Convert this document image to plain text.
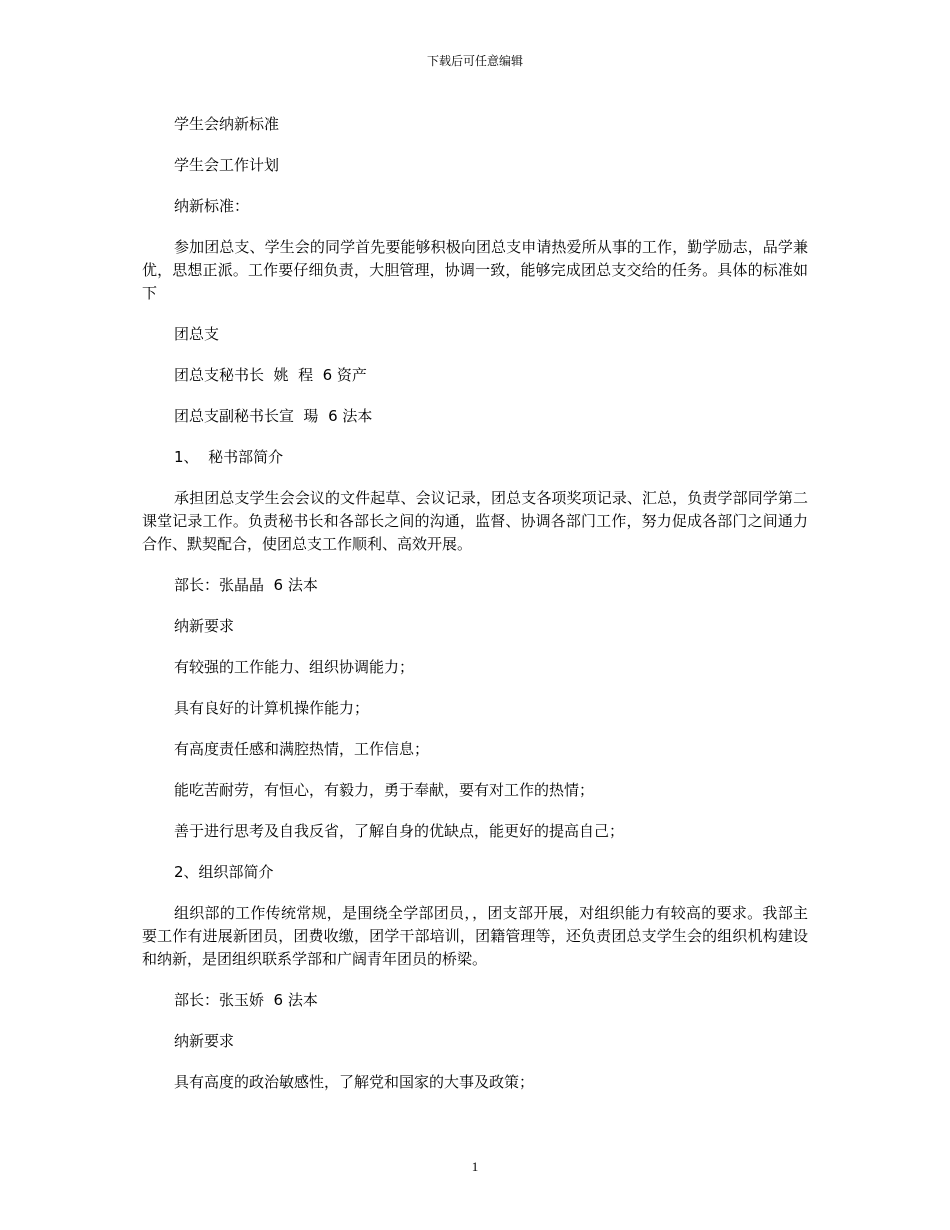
下载后可任意编辑

学生会纳新标准

学生会工作计划

纳新标准：

参加团总支、学生会的同学首先要能够积极向团总支申请热爱所从事的工作，勤学励志，品学兼优，思想正派。工作要仔细负责，大胆管理，协调一致，能够完成团总支交给的任务。具体的标准如下

团总支

团总支秘书长  姚  程  6 资产

团总支副秘书长宣  瑒  6 法本

1、  秘书部简介

承担团总支学生会会议的文件起草、会议记录，团总支各项奖项记录、汇总，负责学部同学第二课堂记录工作。负责秘书长和各部长之间的沟通，监督、协调各部门工作，努力促成各部门之间通力合作、默契配合，使团总支工作顺利、高效开展。

部长：张晶晶  6 法本

纳新要求

有较强的工作能力、组织协调能力；

具有良好的计算机操作能力；

有高度责任感和满腔热情，工作信息；

能吃苦耐劳，有恒心，有毅力，勇于奉献，要有对工作的热情；

善于进行思考及自我反省，了解自身的优缺点，能更好的提高自己；

2、组织部简介

组织部的工作传统常规，是围绕全学部团员，，团支部开展，对组织能力有较高的要求。我部主要工作有进展新团员，团费收缴，团学干部培训，团籍管理等，还负责团总支学生会的组织机构建设和纳新，是团组织联系学部和广阔青年团员的桥梁。

部长：张玉娇  6 法本

纳新要求

具有高度的政治敏感性，了解党和国家的大事及政策；

1
